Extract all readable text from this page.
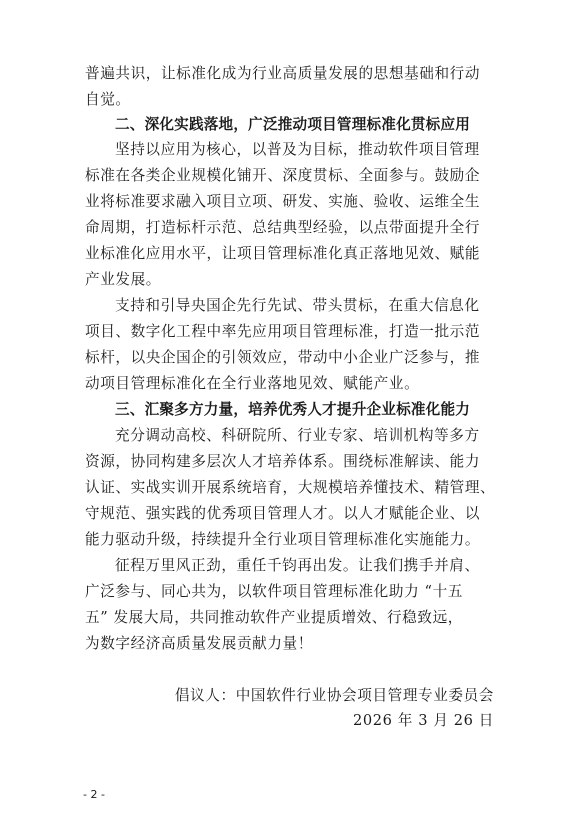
普遍共识，让标准化成为行业高质量发展的思想基础和行动
自觉。
二、深化实践落地，广泛推动项目管理标准化贯标应用
坚持以应用为核心，以普及为目标，推动软件项目管理
标准在各类企业规模化铺开、深度贯标、全面参与。鼓励企
业将标准要求融入项目立项、研发、实施、验收、运维全生
命周期，打造标杆示范、总结典型经验，以点带面提升全行
业标准化应用水平，让项目管理标准化真正落地见效、赋能
产业发展。
支持和引导央国企先行先试、带头贯标，在重大信息化
项目、数字化工程中率先应用项目管理标准，打造一批示范
标杆，以央企国企的引领效应，带动中小企业广泛参与，推
动项目管理标准化在全行业落地见效、赋能产业。
三、汇聚多方力量，培养优秀人才提升企业标准化能力
充分调动高校、科研院所、行业专家、培训机构等多方
资源，协同构建多层次人才培养体系。围绕标准解读、能力
认证、实战实训开展系统培育，大规模培养懂技术、精管理、
守规范、强实践的优秀项目管理人才。以人才赋能企业、以
能力驱动升级，持续提升全行业项目管理标准化实施能力。
征程万里风正劲，重任千钧再出发。让我们携手并肩、
广泛参与、同心共为，以软件项目管理标准化助力 “十五
五” 发展大局，共同推动软件产业提质增效、行稳致远，
为数字经济高质量发展贡献力量！
倡议人：中国软件行业协会项目管理专业委员会
2026 年 3 月 26 日
- 2 -
